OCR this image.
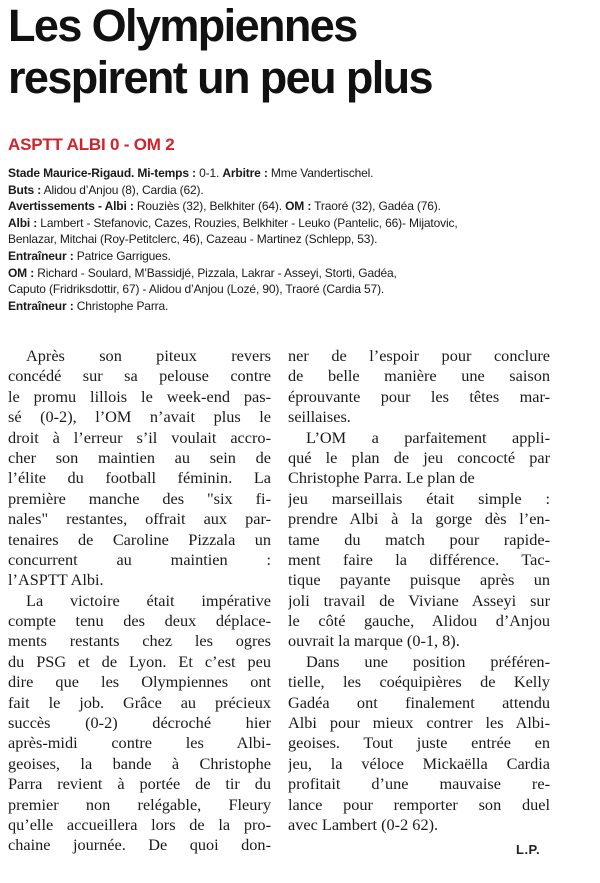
Les Olympiennes
respirent un peu plus
ASPTT ALBI 0 - OM 2
Stade Maurice-Rigaud. Mi-temps : 0-1. Arbitre : Mme Vandertischel.
Buts : Alidou d’Anjou (8), Cardia (62).
Avertissements - Albi : Rouziès (32), Belkhiter (64). OM : Traoré (32), Gadéa (76).
Albi : Lambert - Stefanovic, Cazes, Rouzies, Belkhiter - Leuko (Pantelic, 66)- Mijatovic,
Benlazar, Mitchai (Roy-Petitclerc, 46), Cazeau - Martinez (Schlepp, 53).
Entraîneur : Patrice Garrigues.
OM : Richard - Soulard, M’Bassidjé, Pizzala, Lakrar - Asseyi, Storti, Gadéa,
Caputo (Fridriksdottir, 67) - Alidou d’Anjou (Lozé, 90), Traoré (Cardia 57).
Entraîneur : Christophe Parra.
Après son piteux revers
concédé sur sa pelouse contre
le promu lillois le week-end pas-
sé (0-2), l’OM n’avait plus le
droit à l’erreur s’il voulait accro-
cher son maintien au sein de
l’élite du football féminin. La
première manche des "six fi-
nales" restantes, offrait aux par-
tenaires de Caroline Pizzala un
concurrent au maintien :
l’ASPTT Albi.
La victoire était impérative
compte tenu des deux déplace-
ments restants chez les ogres
du PSG et de Lyon. Et c’est peu
dire que les Olympiennes ont
fait le job. Grâce au précieux
succès (0-2) décroché hier
après-midi contre les Albi-
geoises, la bande à Christophe
Parra revient à portée de tir du
premier non relégable, Fleury
qu’elle accueillera lors de la pro-
chaine journée. De quoi don-
ner de l’espoir pour conclure
de belle manière une saison
éprouvante pour les têtes mar-
seillaises.
L’OM a parfaitement appli-
qué le plan de jeu concocté par
Christophe Parra. Le plan de
jeu marseillais était simple :
prendre Albi à la gorge dès l’en-
tame du match pour rapide-
ment faire la différence. Tac-
tique payante puisque après un
joli travail de Viviane Asseyi sur
le côté gauche, Alidou d’Anjou
ouvrait la marque (0-1, 8).
Dans une position préféren-
tielle, les coéquipières de Kelly
Gadéa ont finalement attendu
Albi pour mieux contrer les Albi-
geoises. Tout juste entrée en
jeu, la véloce Mickaëlla Cardia
profitait d’une mauvaise re-
lance pour remporter son duel
avec Lambert (0-2 62).
L.P.
